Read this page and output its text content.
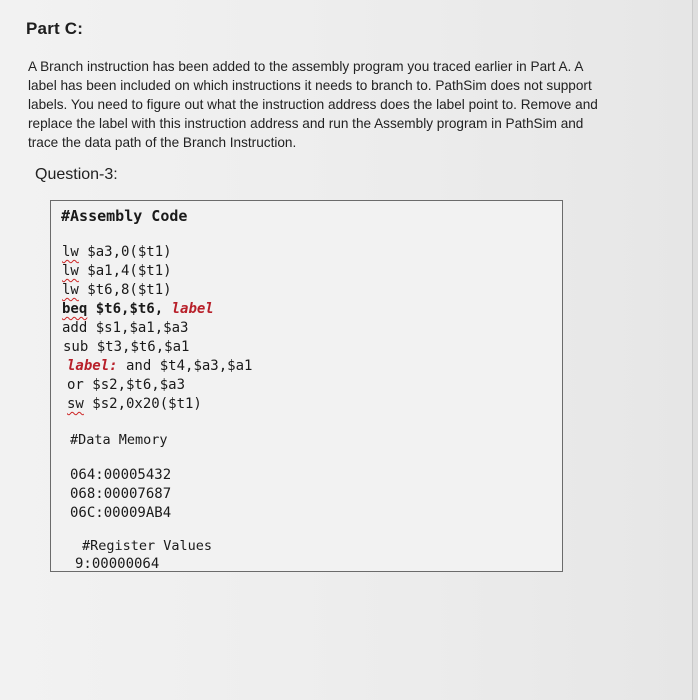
Part C:
A Branch instruction has been added to the assembly program you traced earlier in Part A. A
label has been included on which instructions it needs to branch to. PathSim does not support
labels. You need to figure out what the instruction address does the label point to. Remove and
replace the label with this instruction address and run the Assembly program in PathSim and
trace the data path of the Branch Instruction.
Question-3:
#Assembly Code
lw $a3,0($t1)
lw $a1,4($t1)
lw $t6,8($t1)
beq $t6,$t6, label
add $s1,$a1,$a3
sub $t3,$t6,$a1
label: and $t4,$a3,$a1
or $s2,$t6,$a3
sw $s2,0x20($t1)
#Data Memory
064:00005432
068:00007687
06C:00009AB4
#Register Values
9:00000064
